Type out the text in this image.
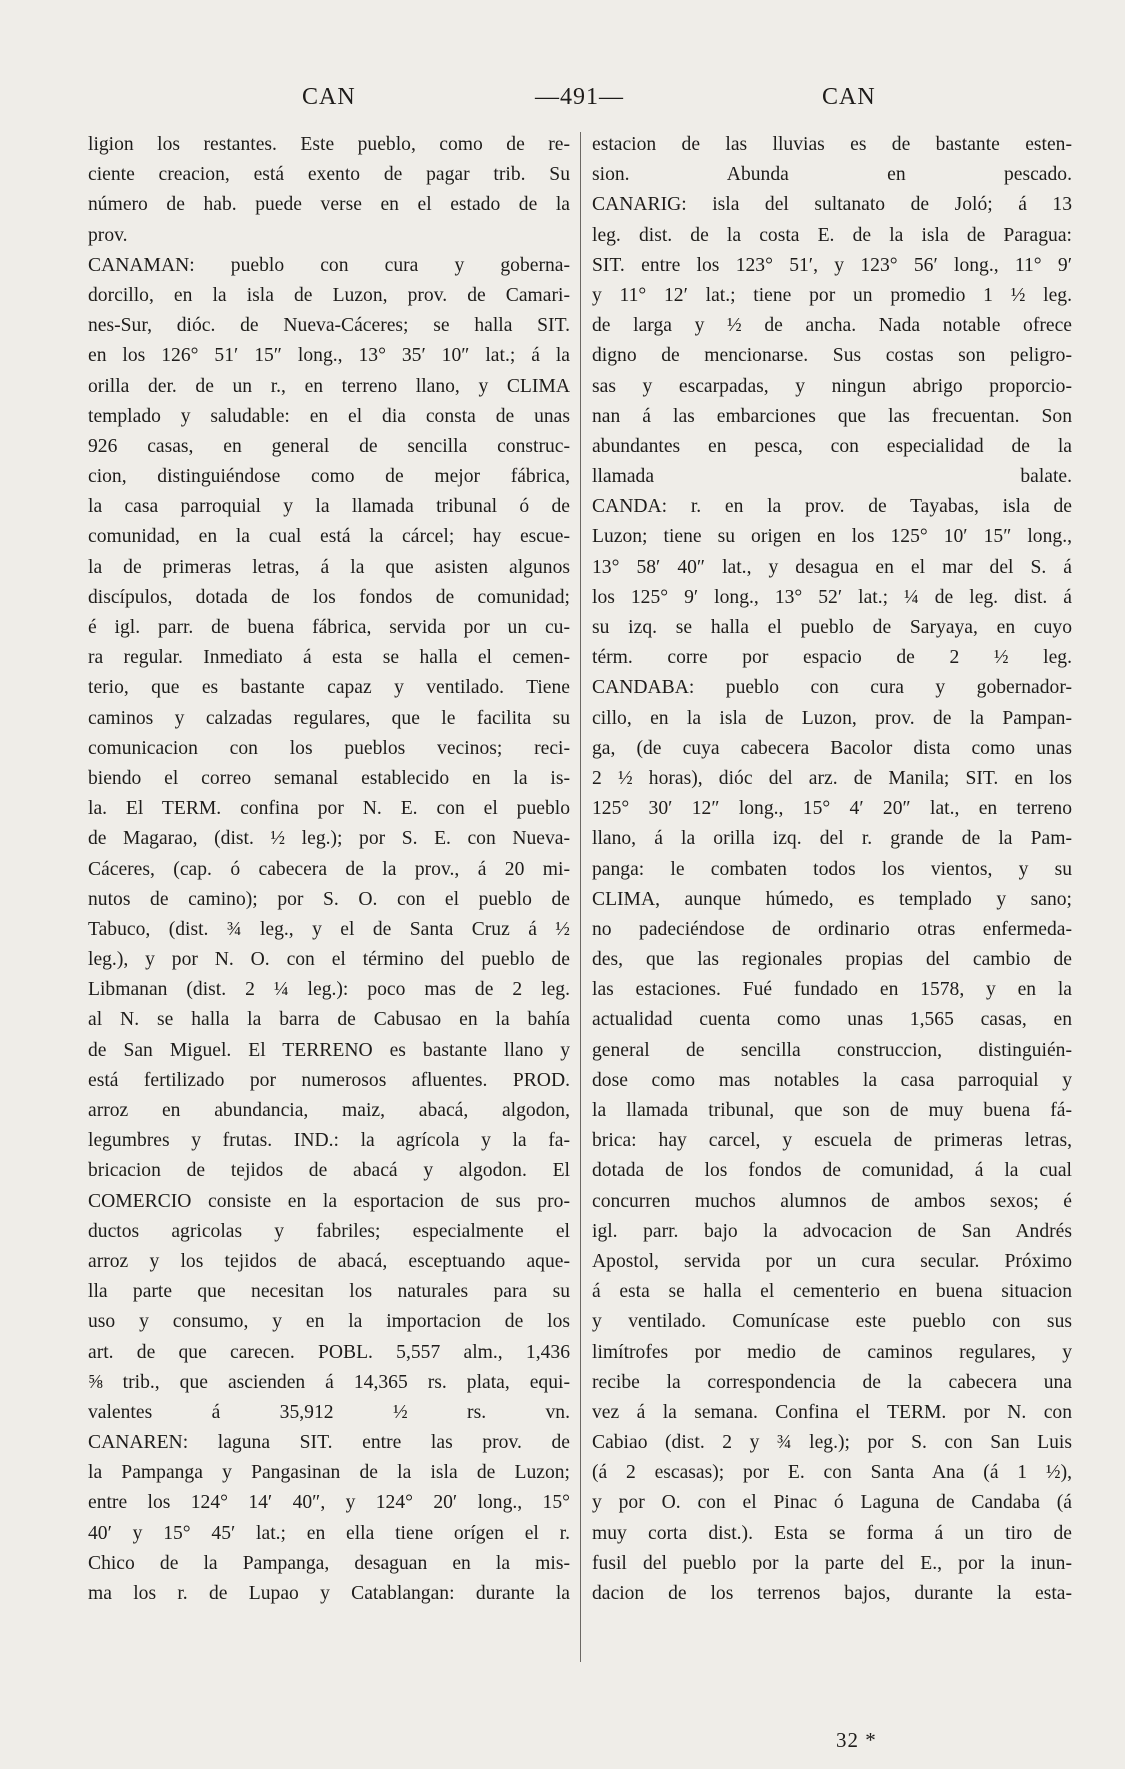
CAN	—491—	CAN
ligion los restantes. Este pueblo, como de re-
ciente creacion, está exento de pagar trib. Su
número de hab. puede verse en el estado de la
prov.
CANAMAN: pueblo con cura y goberna-
dorcillo, en la isla de Luzon, prov. de Camari-
nes-Sur, dióc. de Nueva-Cáceres; se halla SIT.
en los 126° 51′ 15″ long., 13° 35′ 10″ lat.; á la
orilla der. de un r., en terreno llano, y CLIMA
templado y saludable: en el dia consta de unas
926 casas, en general de sencilla construc-
cion, distinguiéndose como de mejor fábrica,
la casa parroquial y la llamada tribunal ó de
comunidad, en la cual está la cárcel; hay escue-
la de primeras letras, á la que asisten algunos
discípulos, dotada de los fondos de comunidad;
é igl. parr. de buena fábrica, servida por un cu-
ra regular. Inmediato á esta se halla el cemen-
terio, que es bastante capaz y ventilado. Tiene
caminos y calzadas regulares, que le facilita su
comunicacion con los pueblos vecinos; reci-
biendo el correo semanal establecido en la is-
la. El TERM. confina por N. E. con el pueblo
de Magarao, (dist. ½ leg.); por S. E. con Nueva-
Cáceres, (cap. ó cabecera de la prov., á 20 mi-
nutos de camino); por S. O. con el pueblo de
Tabuco, (dist. ¾ leg., y el de Santa Cruz á ½
leg.), y por N. O. con el término del pueblo de
Libmanan (dist. 2 ¼ leg.): poco mas de 2 leg.
al N. se halla la barra de Cabusao en la bahía
de San Miguel. El TERRENO es bastante llano y
está fertilizado por numerosos afluentes. PROD.
arroz en abundancia, maiz, abacá, algodon,
legumbres y frutas. IND.: la agrícola y la fa-
bricacion de tejidos de abacá y algodon. El
COMERCIO consiste en la esportacion de sus pro-
ductos agricolas y fabriles; especialmente el
arroz y los tejidos de abacá, esceptuando aque-
lla parte que necesitan los naturales para su
uso y consumo, y en la importacion de los
art. de que carecen. POBL. 5,557 alm., 1,436
⅝ trib., que ascienden á 14,365 rs. plata, equi-
valentes á 35,912 ½ rs. vn.
CANAREN: laguna SIT. entre las prov. de
la Pampanga y Pangasinan de la isla de Luzon;
entre los 124° 14′ 40″, y 124° 20′ long., 15°
40′ y 15° 45′ lat.; en ella tiene orígen el r.
Chico de la Pampanga, desaguan en la mis-
ma los r. de Lupao y Catablangan: durante la
estacion de las lluvias es de bastante esten-
sion. Abunda en pescado.
CANARIG: isla del sultanato de Joló; á 13
leg. dist. de la costa E. de la isla de Paragua:
SIT. entre los 123° 51′, y 123° 56′ long., 11° 9′
y 11° 12′ lat.; tiene por un promedio 1 ½ leg.
de larga y ½ de ancha. Nada notable ofrece
digno de mencionarse. Sus costas son peligro-
sas y escarpadas, y ningun abrigo proporcio-
nan á las embarciones que las frecuentan. Son
abundantes en pesca, con especialidad de la
llamada balate.
CANDA: r. en la prov. de Tayabas, isla de
Luzon; tiene su origen en los 125° 10′ 15″ long.,
13° 58′ 40″ lat., y desagua en el mar del S. á
los 125° 9′ long., 13° 52′ lat.; ¼ de leg. dist. á
su izq. se halla el pueblo de Saryaya, en cuyo
térm. corre por espacio de 2 ½ leg.
CANDABA: pueblo con cura y gobernador-
cillo, en la isla de Luzon, prov. de la Pampan-
ga, (de cuya cabecera Bacolor dista como unas
2 ½ horas), dióc del arz. de Manila; SIT. en los
125° 30′ 12″ long., 15° 4′ 20″ lat., en terreno
llano, á la orilla izq. del r. grande de la Pam-
panga: le combaten todos los vientos, y su
CLIMA, aunque húmedo, es templado y sano;
no padeciéndose de ordinario otras enfermeda-
des, que las regionales propias del cambio de
las estaciones. Fué fundado en 1578, y en la
actualidad cuenta como unas 1,565 casas, en
general de sencilla construccion, distinguién-
dose como mas notables la casa parroquial y
la llamada tribunal, que son de muy buena fá-
brica: hay carcel, y escuela de primeras letras,
dotada de los fondos de comunidad, á la cual
concurren muchos alumnos de ambos sexos; é
igl. parr. bajo la advocacion de San Andrés
Apostol, servida por un cura secular. Próximo
á esta se halla el cementerio en buena situacion
y ventilado. Comunícase este pueblo con sus
limítrofes por medio de caminos regulares, y
recibe la correspondencia de la cabecera una
vez á la semana. Confina el TERM. por N. con
Cabiao (dist. 2 y ¾ leg.); por S. con San Luis
(á 2 escasas); por E. con Santa Ana (á 1 ½),
y por O. con el Pinac ó Laguna de Candaba (á
muy corta dist.). Esta se forma á un tiro de
fusil del pueblo por la parte del E., por la inun-
dacion de los terrenos bajos, durante la esta-
32 *
